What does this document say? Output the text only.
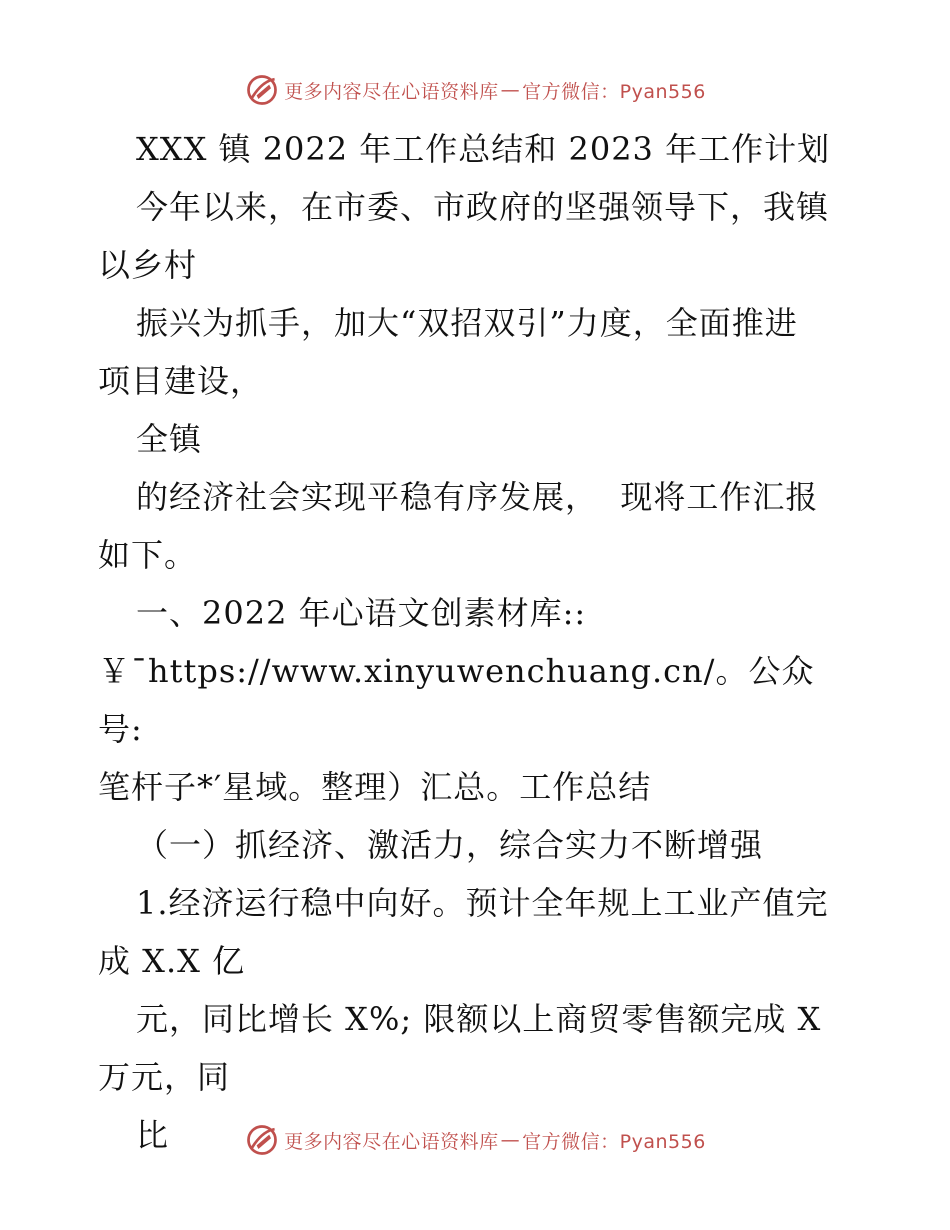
更多内容尽在心语资料库 — 官方微信：Pyan556

XXX 镇 2022 年工作总结和 2023 年工作计划

今年以来，在市委、市政府的坚强领导下，我镇

以乡村

振兴为抓手，加大“双招双引”力度，全面推进

项目建设，

全镇

的经济社会实现平稳有序发展，  现将工作汇报

如下。

一、2022 年心语文创素材库::

￥¯https://www.xinyuwenchuang.cn/。公众号:

笔杆子*′星域。整理）汇总。工作总结

（一）抓经济、激活力，综合实力不断增强

1.经济运行稳中向好。预计全年规上工业产值完

成 X.X 亿

元，同比增长 X%; 限额以上商贸零售额完成 X

万元，同

比	更多内容尽在心语资料库 — 官方微信：Pyan556
